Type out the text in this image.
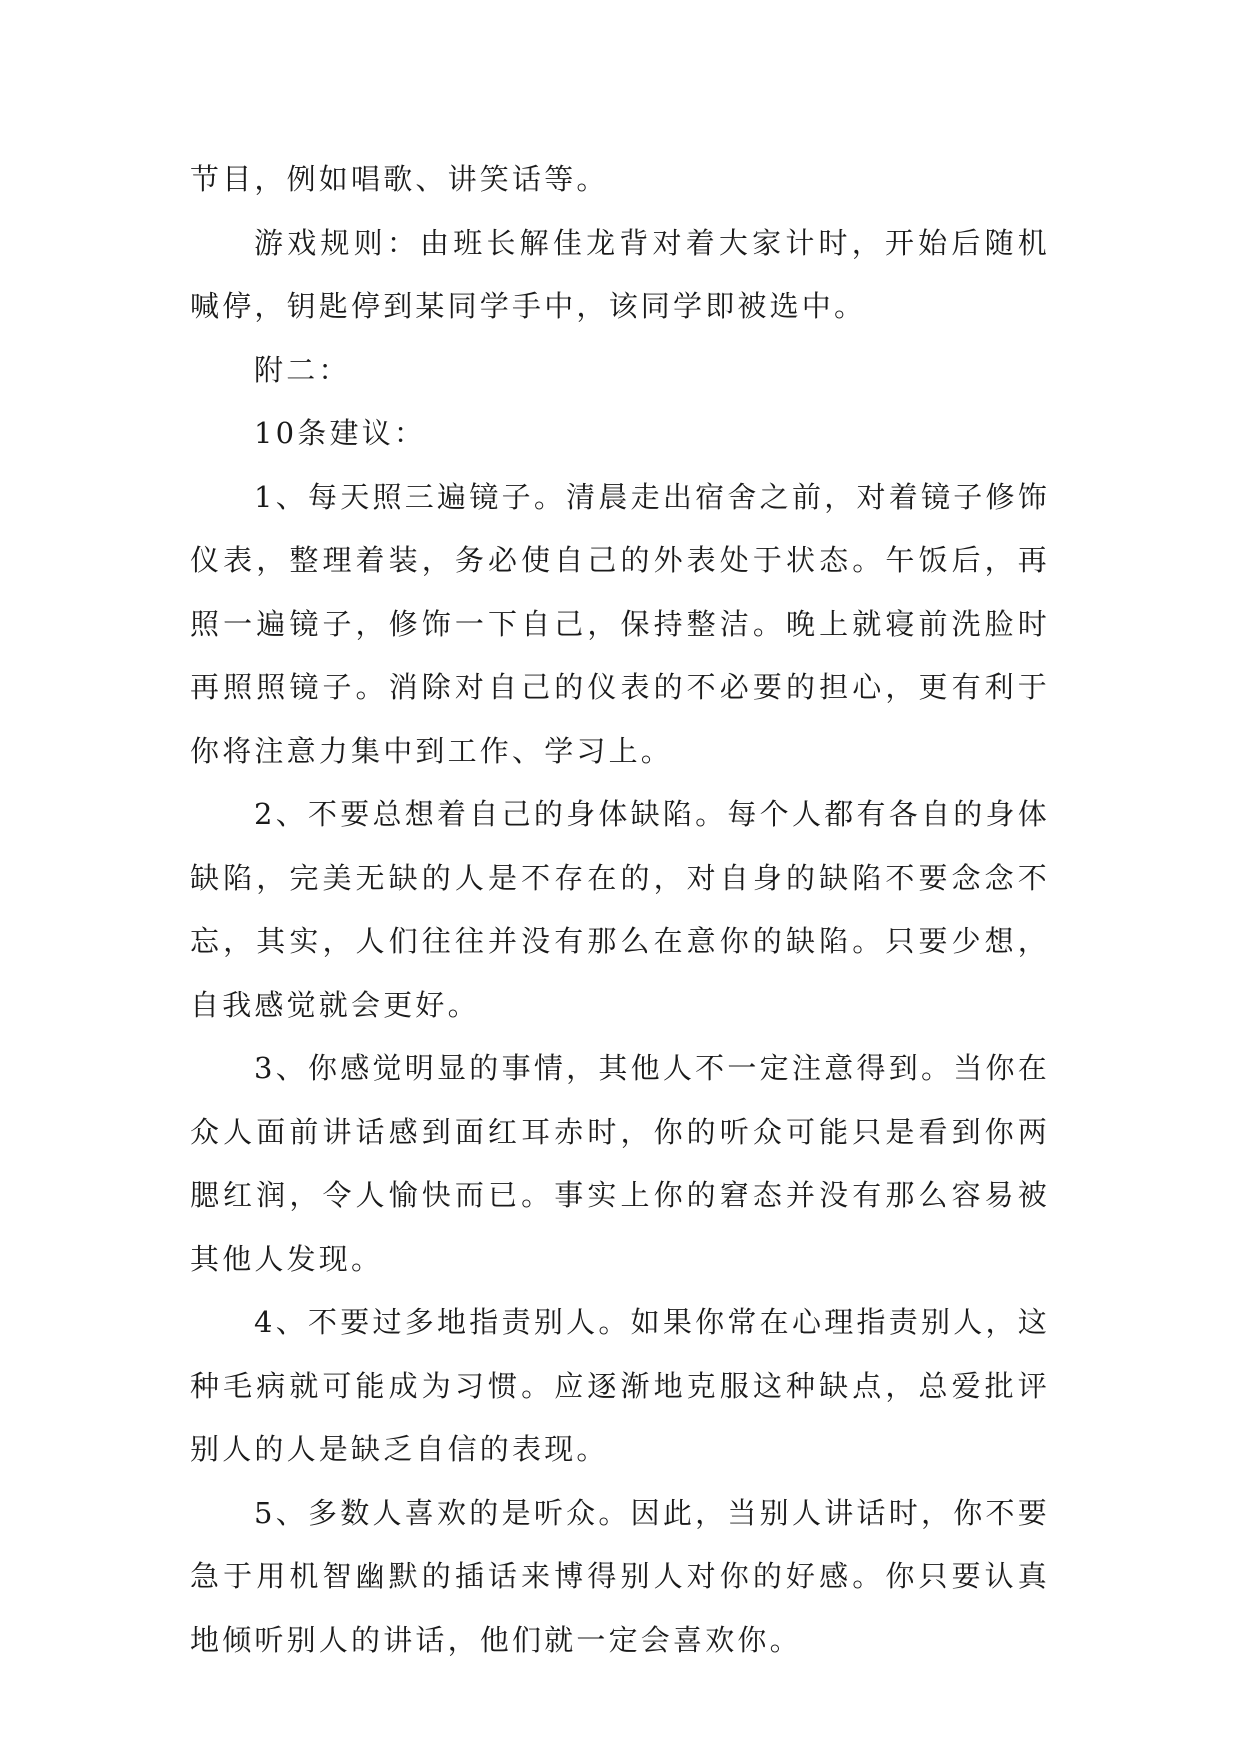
节目，例如唱歌、讲笑话等。

游戏规则：由班长解佳龙背对着大家计时，开始后随机喊停，钥匙停到某同学手中，该同学即被选中。

附二：

10条建议：

1、每天照三遍镜子。清晨走出宿舍之前，对着镜子修饰仪表，整理着装，务必使自己的外表处于状态。午饭后，再照一遍镜子，修饰一下自己，保持整洁。晚上就寝前洗脸时再照照镜子。消除对自己的仪表的不必要的担心，更有利于你将注意力集中到工作、学习上。

2、不要总想着自己的身体缺陷。每个人都有各自的身体缺陷，完美无缺的人是不存在的，对自身的缺陷不要念念不忘，其实，人们往往并没有那么在意你的缺陷。只要少想，自我感觉就会更好。

3、你感觉明显的事情，其他人不一定注意得到。当你在众人面前讲话感到面红耳赤时，你的听众可能只是看到你两腮红润，令人愉快而已。事实上你的窘态并没有那么容易被其他人发现。

4、不要过多地指责别人。如果你常在心理指责别人，这种毛病就可能成为习惯。应逐渐地克服这种缺点，总爱批评别人的人是缺乏自信的表现。

5、多数人喜欢的是听众。因此，当别人讲话时，你不要急于用机智幽默的插话来博得别人对你的好感。你只要认真地倾听别人的讲话，他们就一定会喜欢你。
